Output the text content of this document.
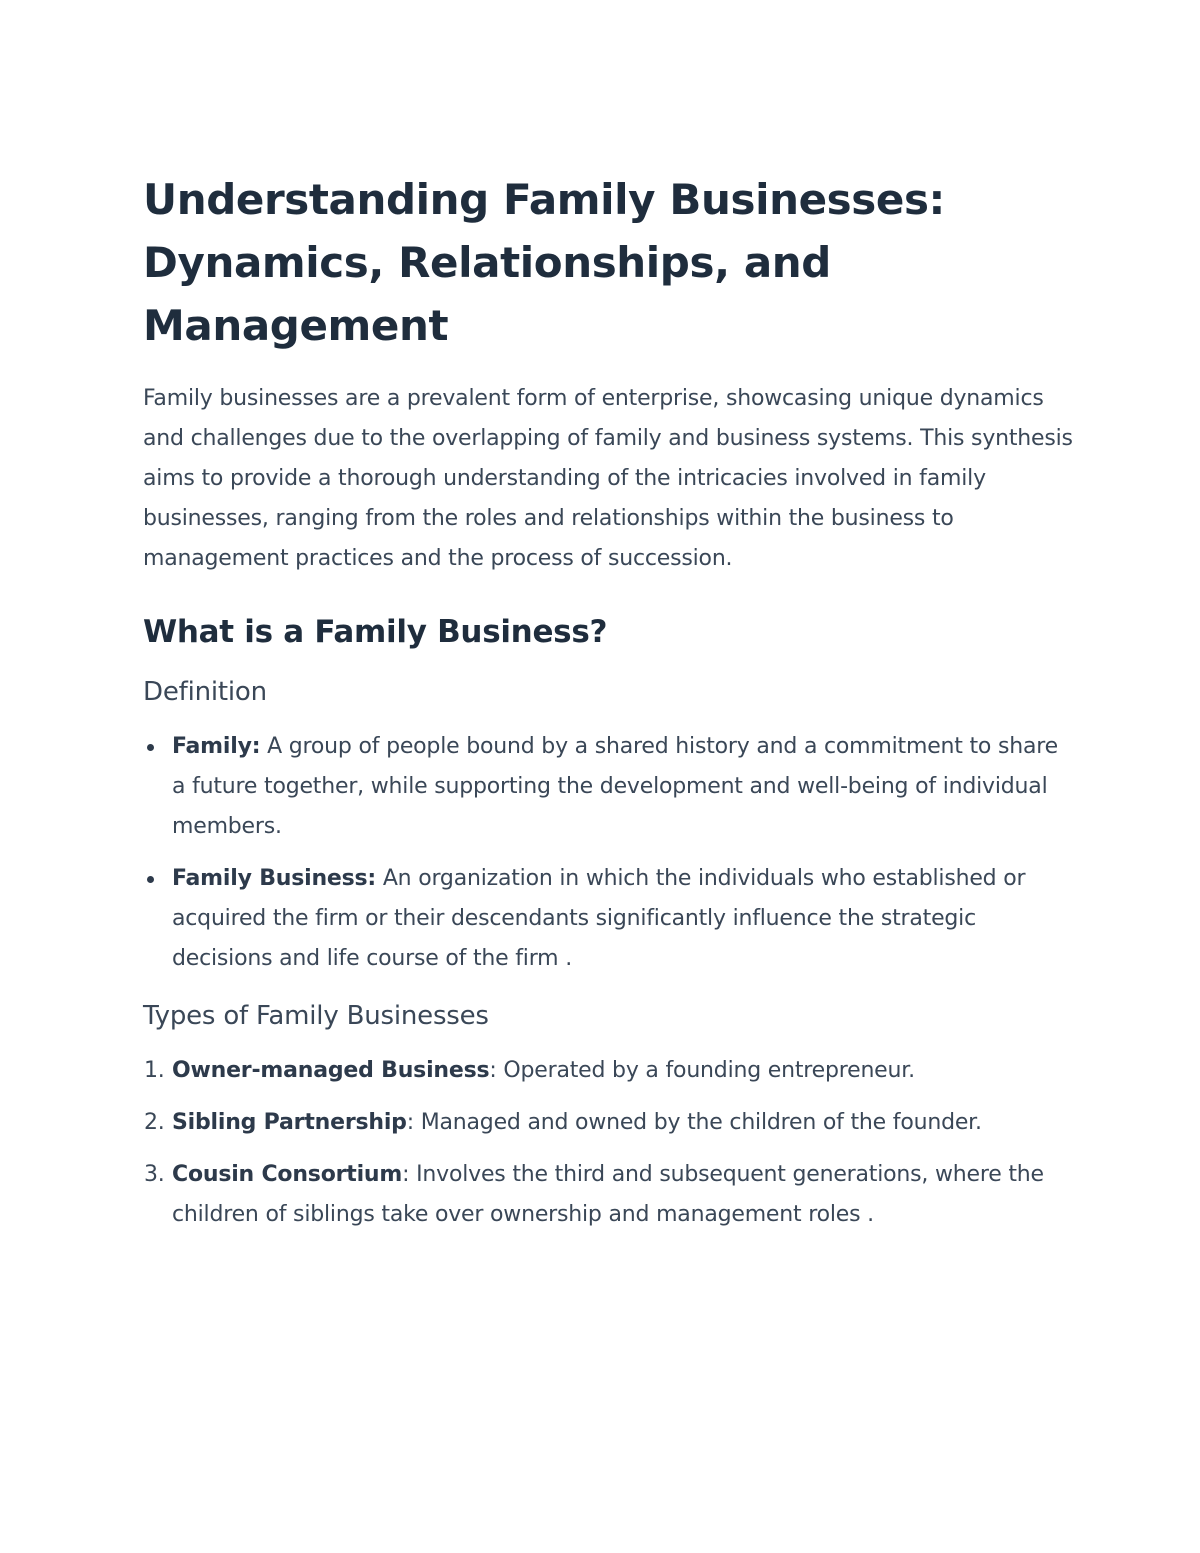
Understanding Family Businesses: Dynamics, Relationships, and Management

Family businesses are a prevalent form of enterprise, showcasing unique dynamics and challenges due to the overlapping of family and business systems. This synthesis aims to provide a thorough understanding of the intricacies involved in family businesses, ranging from the roles and relationships within the business to management practices and the process of succession.

What is a Family Business?
Definition
Family: A group of people bound by a shared history and a commitment to share a future together, while supporting the development and well-being of individual members.
Family Business: An organization in which the individuals who established or acquired the firm or their descendants significantly influence the strategic decisions and life course of the firm .
Types of Family Businesses
1. Owner-managed Business: Operated by a founding entrepreneur.
2. Sibling Partnership: Managed and owned by the children of the founder.
3. Cousin Consortium: Involves the third and subsequent generations, where the children of siblings take over ownership and management roles .
